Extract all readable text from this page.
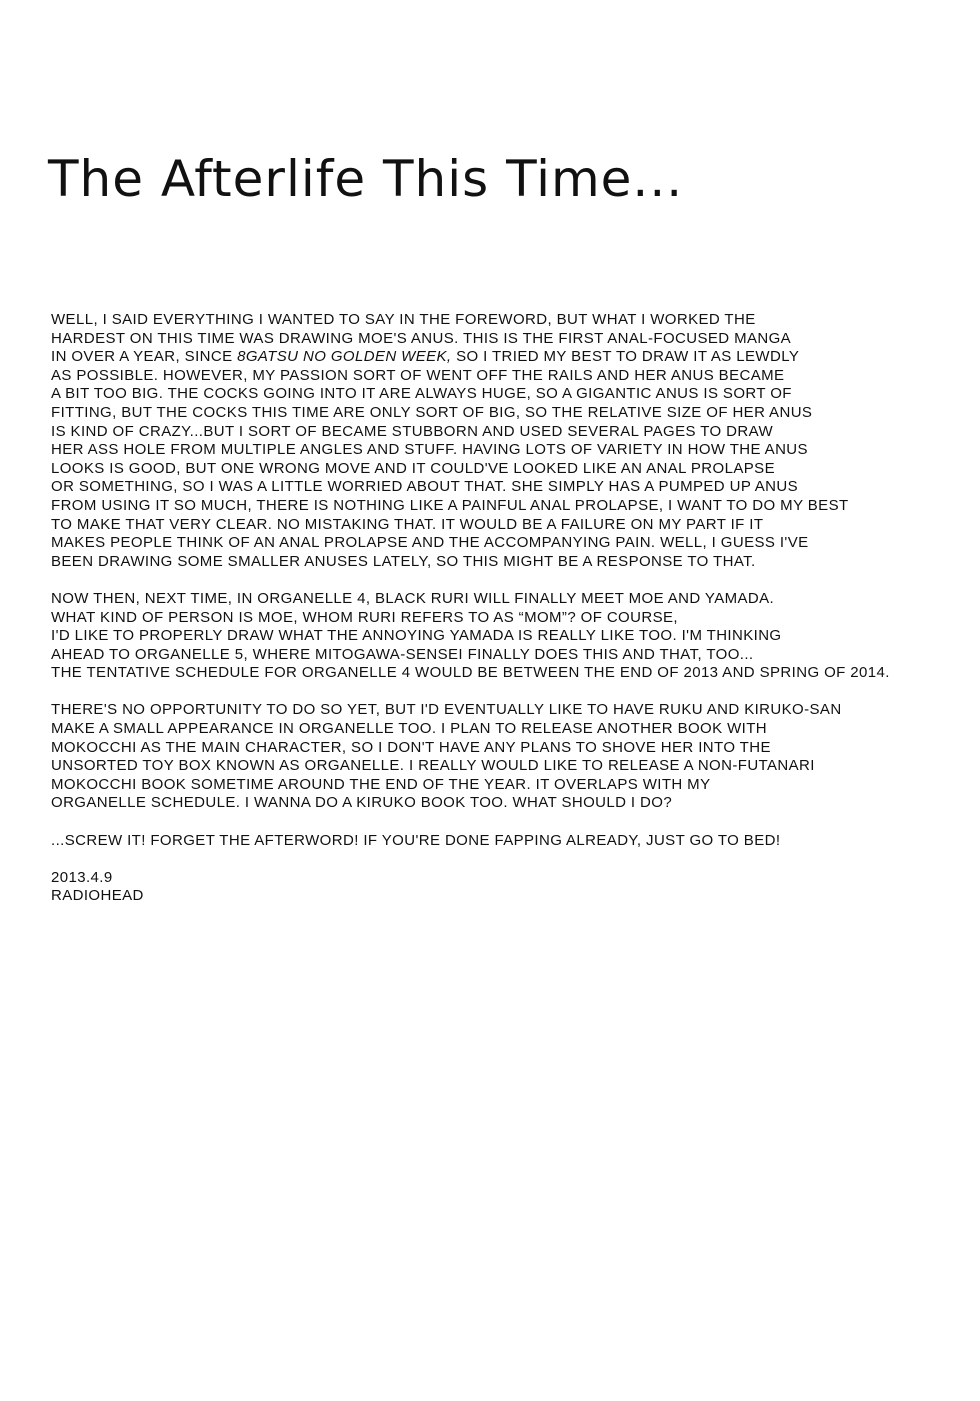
The Afterlife This Time...

WELL, I SAID EVERYTHING I WANTED TO SAY IN THE FOREWORD, BUT WHAT I WORKED THE
HARDEST ON THIS TIME WAS DRAWING MOE'S ANUS. THIS IS THE FIRST ANAL-FOCUSED MANGA
IN OVER A YEAR, SINCE 8GATSU NO GOLDEN WEEK, SO I TRIED MY BEST TO DRAW IT AS LEWDLY
AS POSSIBLE. HOWEVER, MY PASSION SORT OF WENT OFF THE RAILS AND HER ANUS BECAME
A BIT TOO BIG. THE COCKS GOING INTO IT ARE ALWAYS HUGE, SO A GIGANTIC ANUS IS SORT OF
FITTING, BUT THE COCKS THIS TIME ARE ONLY SORT OF BIG, SO THE RELATIVE SIZE OF HER ANUS
IS KIND OF CRAZY...BUT I SORT OF BECAME STUBBORN AND USED SEVERAL PAGES TO DRAW
HER ASS HOLE FROM MULTIPLE ANGLES AND STUFF. HAVING LOTS OF VARIETY IN HOW THE ANUS
LOOKS IS GOOD, BUT ONE WRONG MOVE AND IT COULD'VE LOOKED LIKE AN ANAL PROLAPSE
OR SOMETHING, SO I WAS A LITTLE WORRIED ABOUT THAT. SHE SIMPLY HAS A PUMPED UP ANUS
FROM USING IT SO MUCH, THERE IS NOTHING LIKE A PAINFUL ANAL PROLAPSE, I WANT TO DO MY BEST
TO MAKE THAT VERY CLEAR. NO MISTAKING THAT. IT WOULD BE A FAILURE ON MY PART IF IT
MAKES PEOPLE THINK OF AN ANAL PROLAPSE AND THE ACCOMPANYING PAIN. WELL, I GUESS I'VE
BEEN DRAWING SOME SMALLER ANUSES LATELY, SO THIS MIGHT BE A RESPONSE TO THAT.

NOW THEN, NEXT TIME, IN ORGANELLE 4, BLACK RURI WILL FINALLY MEET MOE AND YAMADA.
WHAT KIND OF PERSON IS MOE, WHOM RURI REFERS TO AS “MOM”? OF COURSE,
I'D LIKE TO PROPERLY DRAW WHAT THE ANNOYING YAMADA IS REALLY LIKE TOO. I'M THINKING
AHEAD TO ORGANELLE 5, WHERE MITOGAWA-SENSEI FINALLY DOES THIS AND THAT, TOO...
THE TENTATIVE SCHEDULE FOR ORGANELLE 4 WOULD BE BETWEEN THE END OF 2013 AND SPRING OF 2014.

THERE'S NO OPPORTUNITY TO DO SO YET, BUT I'D EVENTUALLY LIKE TO HAVE RUKU AND KIRUKO-SAN
MAKE A SMALL APPEARANCE IN ORGANELLE TOO. I PLAN TO RELEASE ANOTHER BOOK WITH
MOKOCCHI AS THE MAIN CHARACTER, SO I DON'T HAVE ANY PLANS TO SHOVE HER INTO THE
UNSORTED TOY BOX KNOWN AS ORGANELLE. I REALLY WOULD LIKE TO RELEASE A NON-FUTANARI
MOKOCCHI BOOK SOMETIME AROUND THE END OF THE YEAR. IT OVERLAPS WITH MY
ORGANELLE SCHEDULE. I WANNA DO A KIRUKO BOOK TOO. WHAT SHOULD I DO?

...SCREW IT! FORGET THE AFTERWORD! IF YOU'RE DONE FAPPING ALREADY, JUST GO TO BED!

2013.4.9
RADIOHEAD
